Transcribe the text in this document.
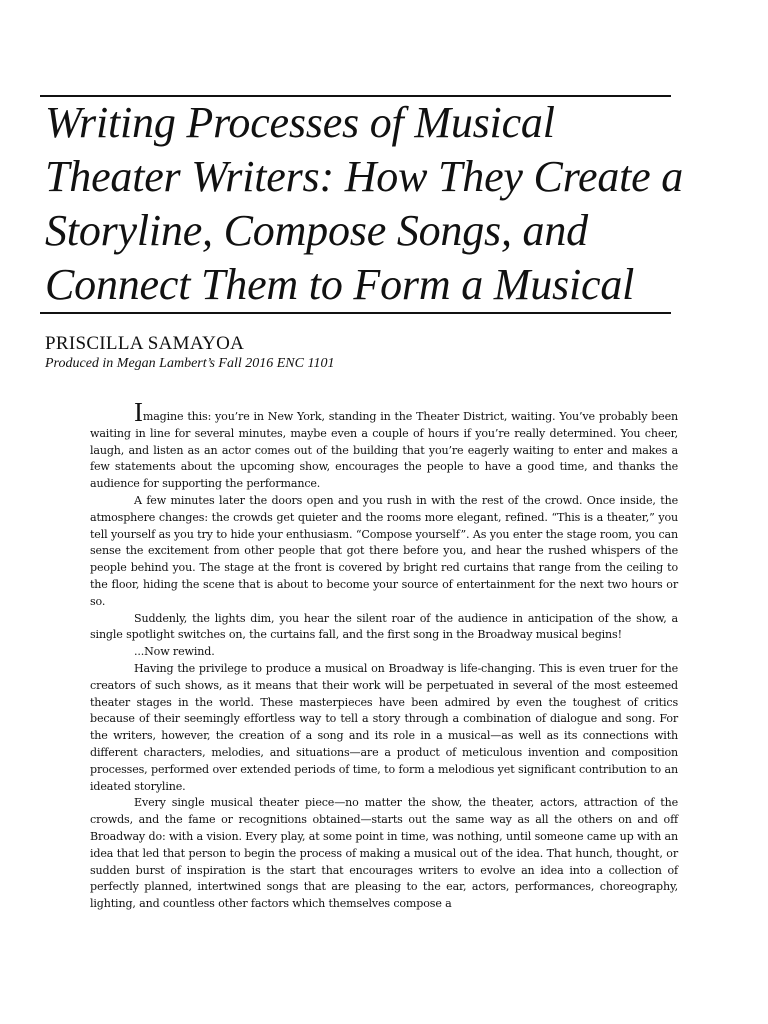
Writing Processes of Musical Theater Writers: How They Create a Storyline, Compose Songs, and Connect Them to Form a Musical
PRISCILLA SAMAYOA
Produced in Megan Lambert’s Fall 2016 ENC 1101

Imagine this: you’re in New York, standing in the Theater District, waiting. You’ve probably been waiting in line for several minutes, maybe even a couple of hours if you’re really determined. You cheer, laugh, and listen as an actor comes out of the building that you’re eagerly waiting to enter and makes a few statements about the upcoming show, encourages the people to have a good time, and thanks the audience for supporting the performance.

A few minutes later the doors open and you rush in with the rest of the crowd. Once inside, the atmosphere changes: the crowds get quieter and the rooms more elegant, refined. “This is a theater,” you tell yourself as you try to hide your enthusiasm. “Compose yourself”. As you enter the stage room, you can sense the excitement from other people that got there before you, and hear the rushed whispers of the people behind you. The stage at the front is covered by bright red curtains that range from the ceiling to the floor, hiding the scene that is about to become your source of entertainment for the next two hours or so.

Suddenly, the lights dim, you hear the silent roar of the audience in anticipation of the show, a single spotlight switches on, the curtains fall, and the first song in the Broadway musical begins!

...Now rewind.

Having the privilege to produce a musical on Broadway is life-changing. This is even truer for the creators of such shows, as it means that their work will be perpetuated in several of the most esteemed theater stages in the world. These masterpieces have been admired by even the toughest of critics because of their seemingly effortless way to tell a story through a combination of dialogue and song. For the writers, however, the creation of a song and its role in a musical—as well as its connections with different characters, melodies, and situations—are a product of meticulous invention and composition processes, performed over extended periods of time, to form a melodious yet significant contribution to an ideated storyline.

Every single musical theater piece—no matter the show, the theater, actors, attraction of the crowds, and the fame or recognitions obtained—starts out the same way as all the others on and off Broadway do: with a vision. Every play, at some point in time, was nothing, until someone came up with an idea that led that person to begin the process of making a musical out of the idea. That hunch, thought, or sudden burst of inspiration is the start that encourages writers to evolve an idea into a collection of perfectly planned, intertwined songs that are pleasing to the ear, actors, performances, choreography, lighting, and countless other factors which themselves compose a
